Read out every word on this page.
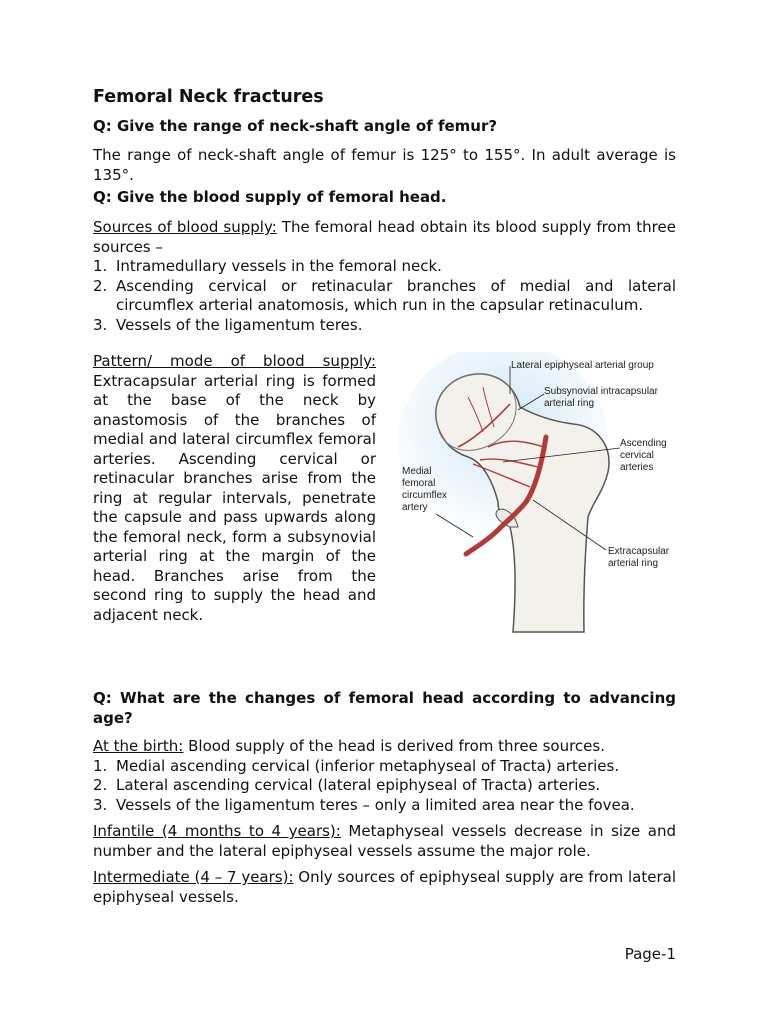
Femoral Neck fractures

Q: Give the range of neck-shaft angle of femur?

The range of neck-shaft angle of femur is 125° to 155°. In adult average is 135°.

Q: Give the blood supply of femoral head.

Sources of blood supply: The femoral head obtain its blood supply from three sources –

1. Intramedullary vessels in the femoral neck.
2. Ascending cervical or retinacular branches of medial and lateral circumflex arterial anatomosis, which run in the capsular retinaculum.
3. Vessels of the ligamentum teres.
Pattern/ mode of blood supply: Extracapsular arterial ring is formed at the base of the neck by anastomosis of the branches of medial and lateral circumflex femoral arteries. Ascending cervical or retinacular branches arise from the ring at regular intervals, penetrate the capsule and pass upwards along the femoral neck, form a subsynovial arterial ring at the margin of the head. Branches arise from the second ring to supply the head and adjacent neck.

Q: What are the changes of femoral head according to advancing age?

At the birth: Blood supply of the head is derived from three sources.

1. Medial ascending cervical (inferior metaphyseal of Tracta) arteries.
2. Lateral ascending cervical (lateral epiphyseal of Tracta) arteries.
3. Vessels of the ligamentum teres – only a limited area near the fovea.

Infantile (4 months to 4 years): Metaphyseal vessels decrease in size and number and the lateral epiphyseal vessels assume the major role.

Intermediate (4 – 7 years): Only sources of epiphyseal supply are from lateral epiphyseal vessels.

Lateral epiphyseal arterial group
Subsynovial intracapsular
arterial ring
Ascending
cervical
arteries
Medial
femoral
circumflex
artery
Extracapsular
arterial ring
Page-1
